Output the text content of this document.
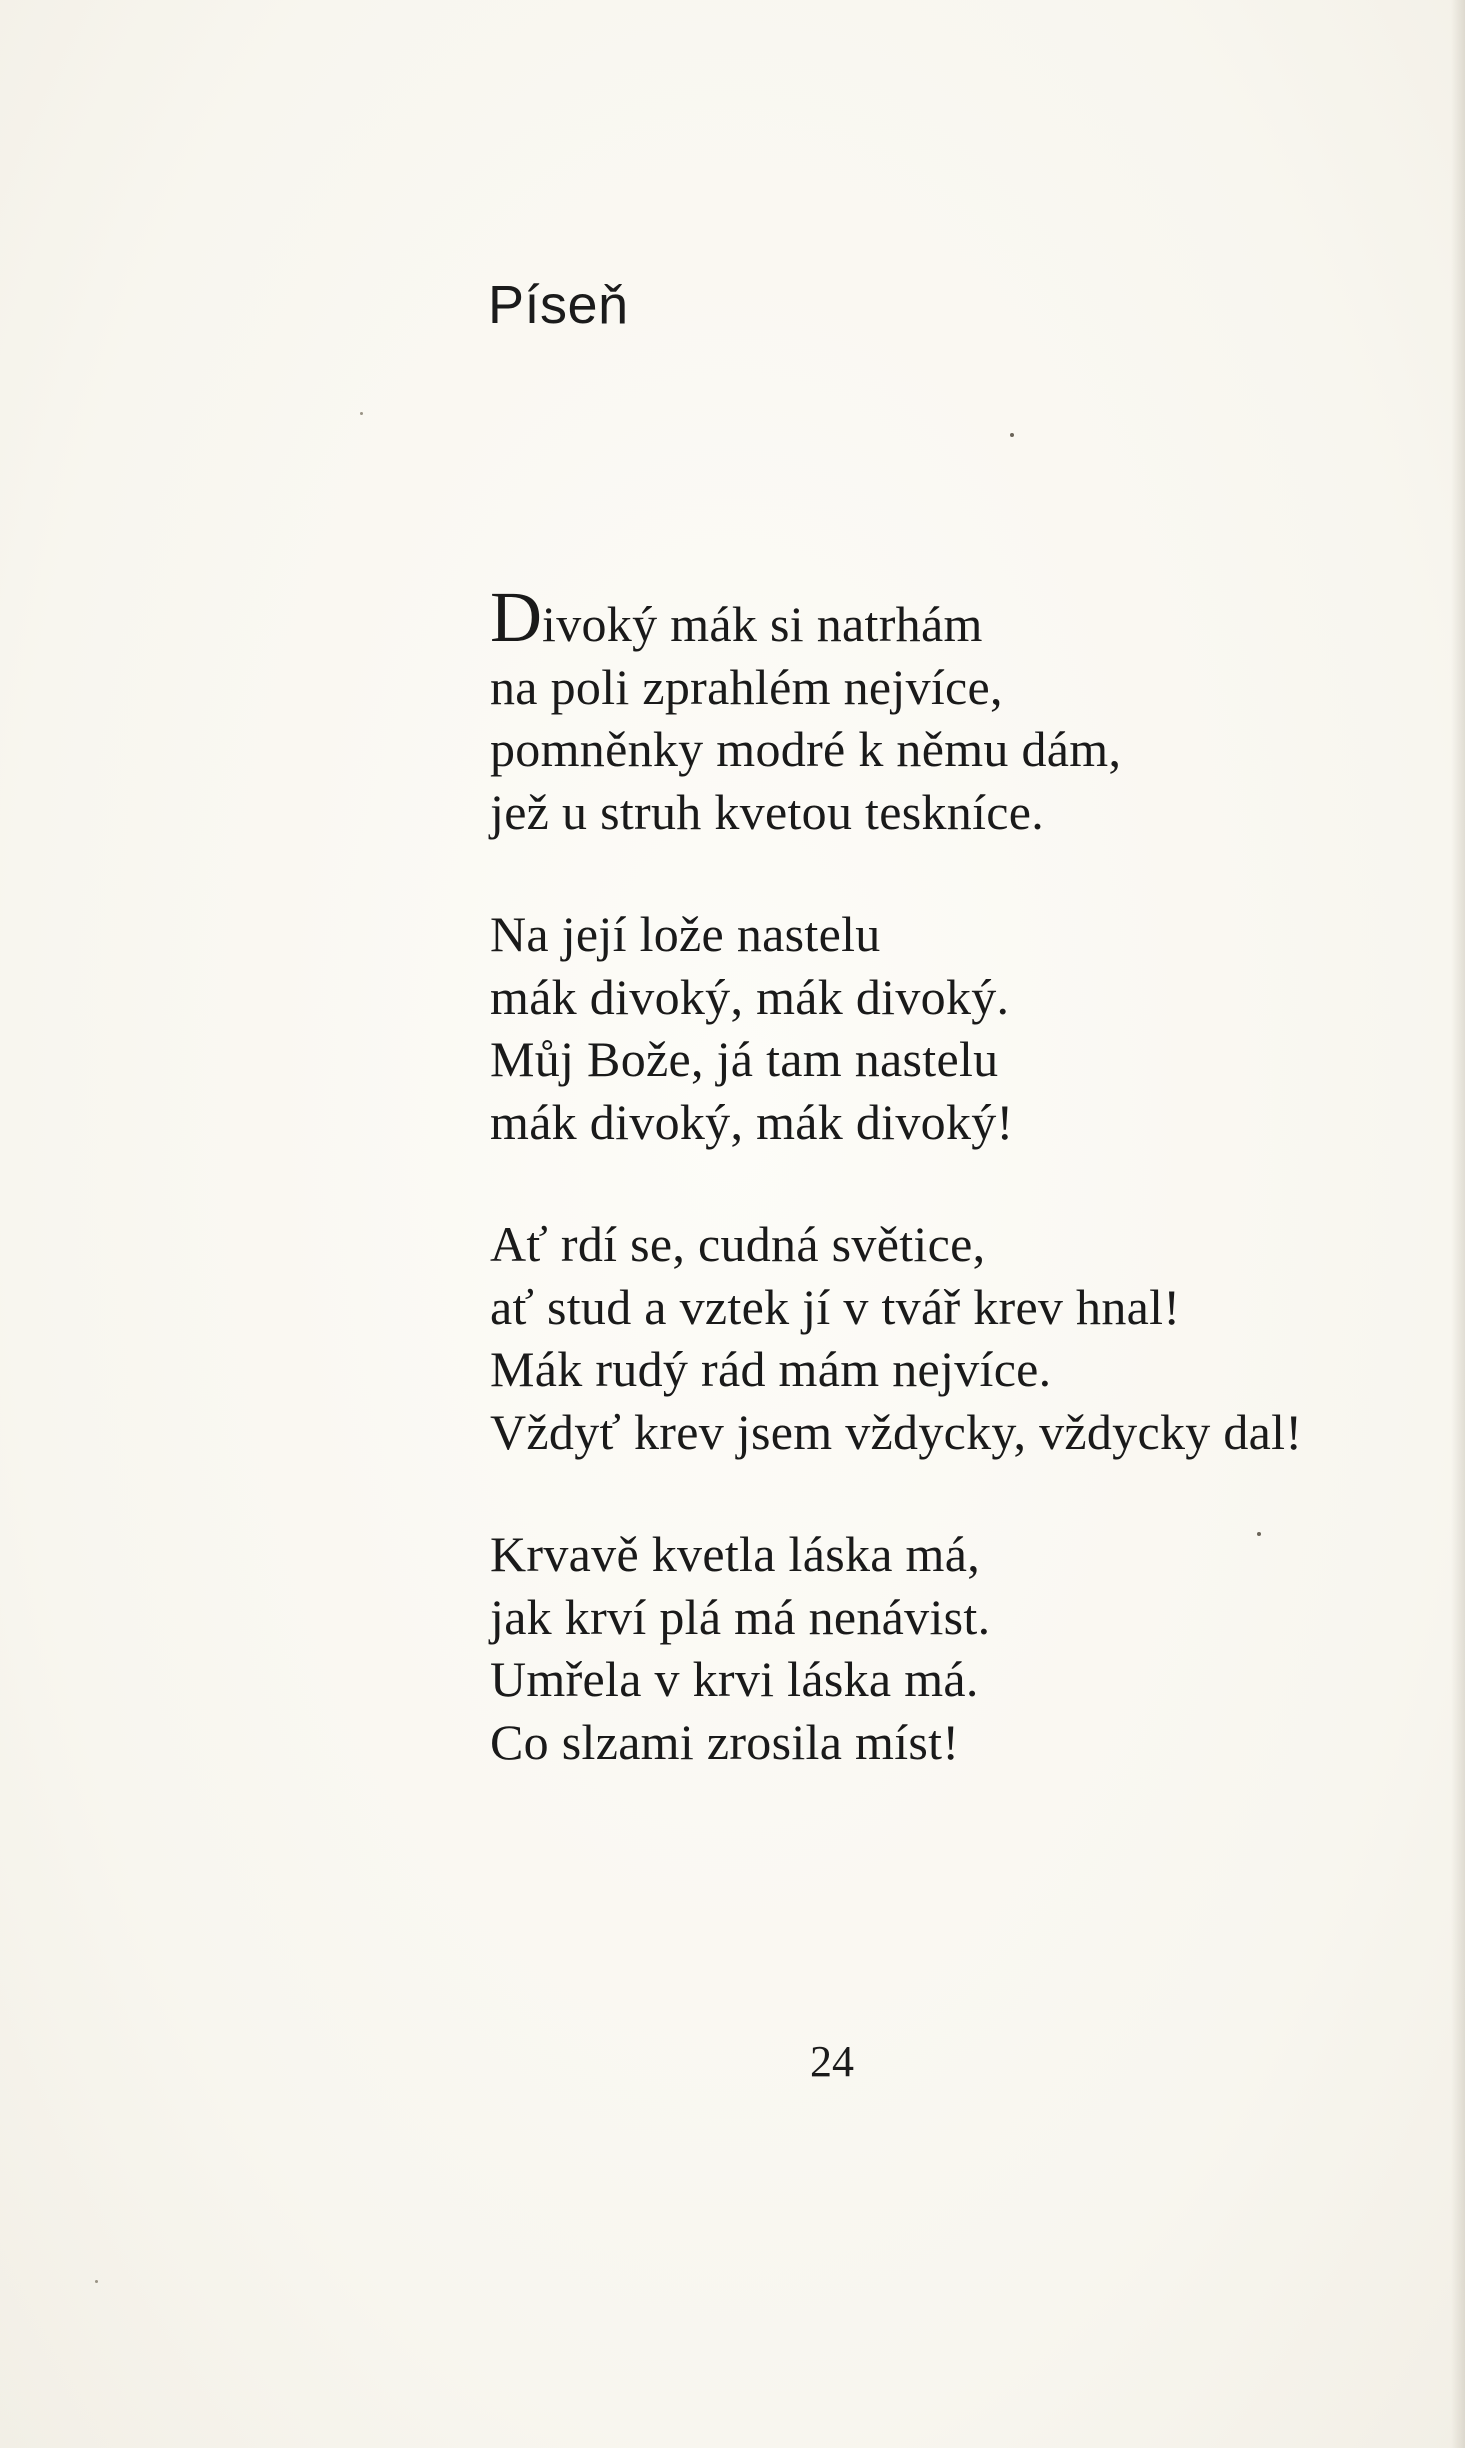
Píseň
Divoký mák si natrhám
na poli zprahlém nejvíce,
pomněnky modré k němu dám,
jež u struh kvetou teskníce.
Na její lože nastelu
mák divoký, mák divoký.
Můj Bože, já tam nastelu
mák divoký, mák divoký!
Ať rdí se, cudná světice,
ať stud a vztek jí v tvář krev hnal!
Mák rudý rád mám nejvíce.
Vždyť krev jsem vždycky, vždycky dal!
Krvavě kvetla láska má,
jak krví plá má nenávist.
Umřela v krvi láska má.
Co slzami zrosila míst!
24
